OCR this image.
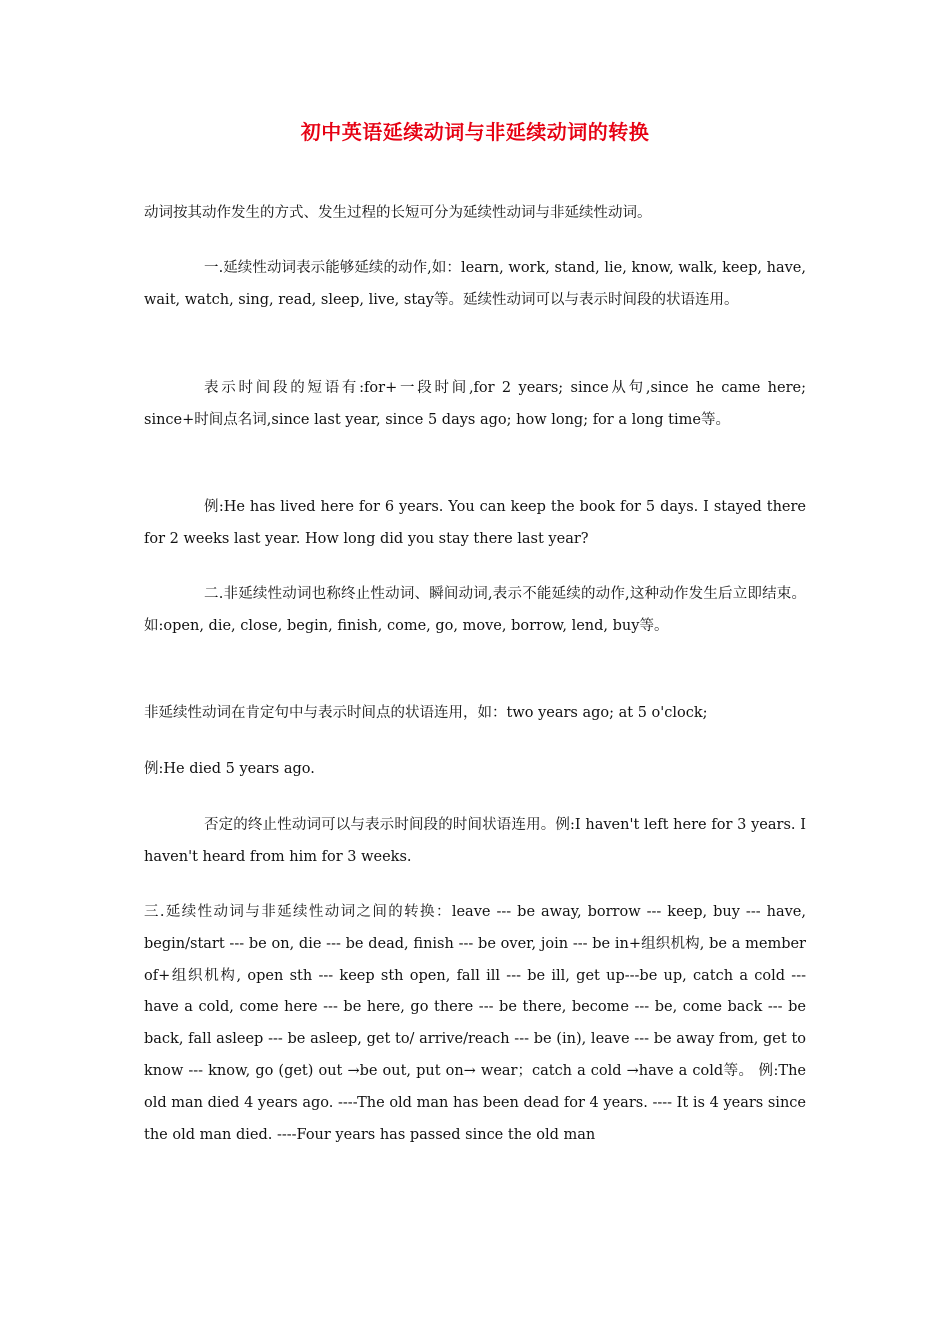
初中英语延续动词与非延续动词的转换
动词按其动作发生的方式、发生过程的长短可分为延续性动词与非延续性动词。
一.延续性动词表示能够延续的动作,如：learn, work, stand, lie, know, walk, keep, have, wait, watch, sing, read, sleep, live, stay等。延续性动词可以与表示时间段的状语连用。
表示时间段的短语有:for+一段时间,for 2 years; since从句,since he came here; since+时间点名词,since last year, since 5 days ago; how long; for a long time等。
例:He has lived here for 6 years. You can keep the book for 5 days. I stayed there for 2 weeks last year. How long did you stay there last year?
二.非延续性动词也称终止性动词、瞬间动词,表示不能延续的动作,这种动作发生后立即结束。 如:open, die, close, begin, finish, come, go, move, borrow, lend, buy等。
非延续性动词在肯定句中与表示时间点的状语连用，如：two years ago; at 5 o'clock;
例:He died 5 years ago.
否定的终止性动词可以与表示时间段的时间状语连用。例:I haven't left here for 3 years. I haven't heard from him for 3 weeks.
三.延续性动词与非延续性动词之间的转换：leave --- be away, borrow --- keep, buy --- have, begin/start --- be on, die --- be dead, finish --- be over, join --- be in+组织机构, be a member of+组织机构, open sth --- keep sth open, fall ill --- be ill, get up---be up, catch a cold --- have a cold, come here --- be here, go there --- be there, become --- be, come back --- be back, fall asleep --- be asleep, get to/ arrive/reach --- be (in), leave --- be away from, get to know --- know, go (get) out →be out, put on→ wear；catch a cold →have a cold等。 例:The old man died 4 years ago. ----The old man has been dead for 4 years. ---- It is 4 years since the old man died. ----Four years has passed since the old man
